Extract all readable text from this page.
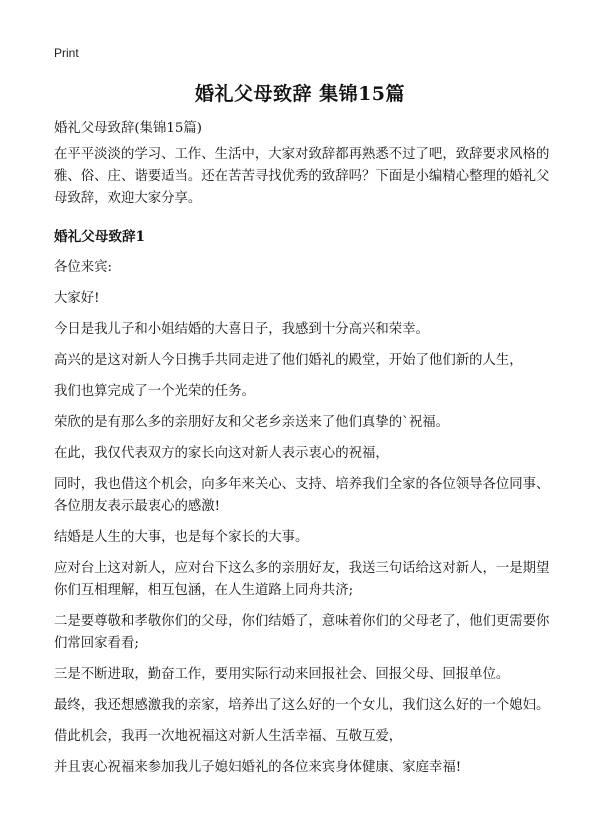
Print
婚礼父母致辞 集锦15篇

婚礼父母致辞(集锦15篇)

在平平淡淡的学习、工作、生活中，大家对致辞都再熟悉不过了吧，致辞要求风格的雅、俗、庄、谐要适当。还在苦苦寻找优秀的致辞吗？下面是小编精心整理的婚礼父母致辞，欢迎大家分享。

婚礼父母致辞1

各位来宾:

大家好!

今日是我儿子和小姐结婚的大喜日子，我感到十分高兴和荣幸。

高兴的是这对新人今日携手共同走进了他们婚礼的殿堂，开始了他们新的人生，

我们也算完成了一个光荣的任务。

荣欣的是有那么多的亲朋好友和父老乡亲送来了他们真挚的`祝福。

在此，我仅代表双方的家长向这对新人表示衷心的祝福，

同时，我也借这个机会，向多年来关心、支持、培养我们全家的各位领导各位同事、各位朋友表示最衷心的感激!

结婚是人生的大事，也是每个家长的大事。

应对台上这对新人，应对台下这么多的亲朋好友，我送三句话给这对新人，一是期望你们互相理解，相互包涵，在人生道路上同舟共济;

二是要尊敬和孝敬你们的父母，你们结婚了，意味着你们的父母老了，他们更需要你们常回家看看;

三是不断进取，勤奋工作，要用实际行动来回报社会、回报父母、回报单位。

最终，我还想感激我的亲家，培养出了这么好的一个女儿，我们这么好的一个媳妇。

借此机会，我再一次地祝福这对新人生活幸福、互敬互爱，

并且衷心祝福来参加我儿子媳妇婚礼的各位来宾身体健康、家庭幸福!
